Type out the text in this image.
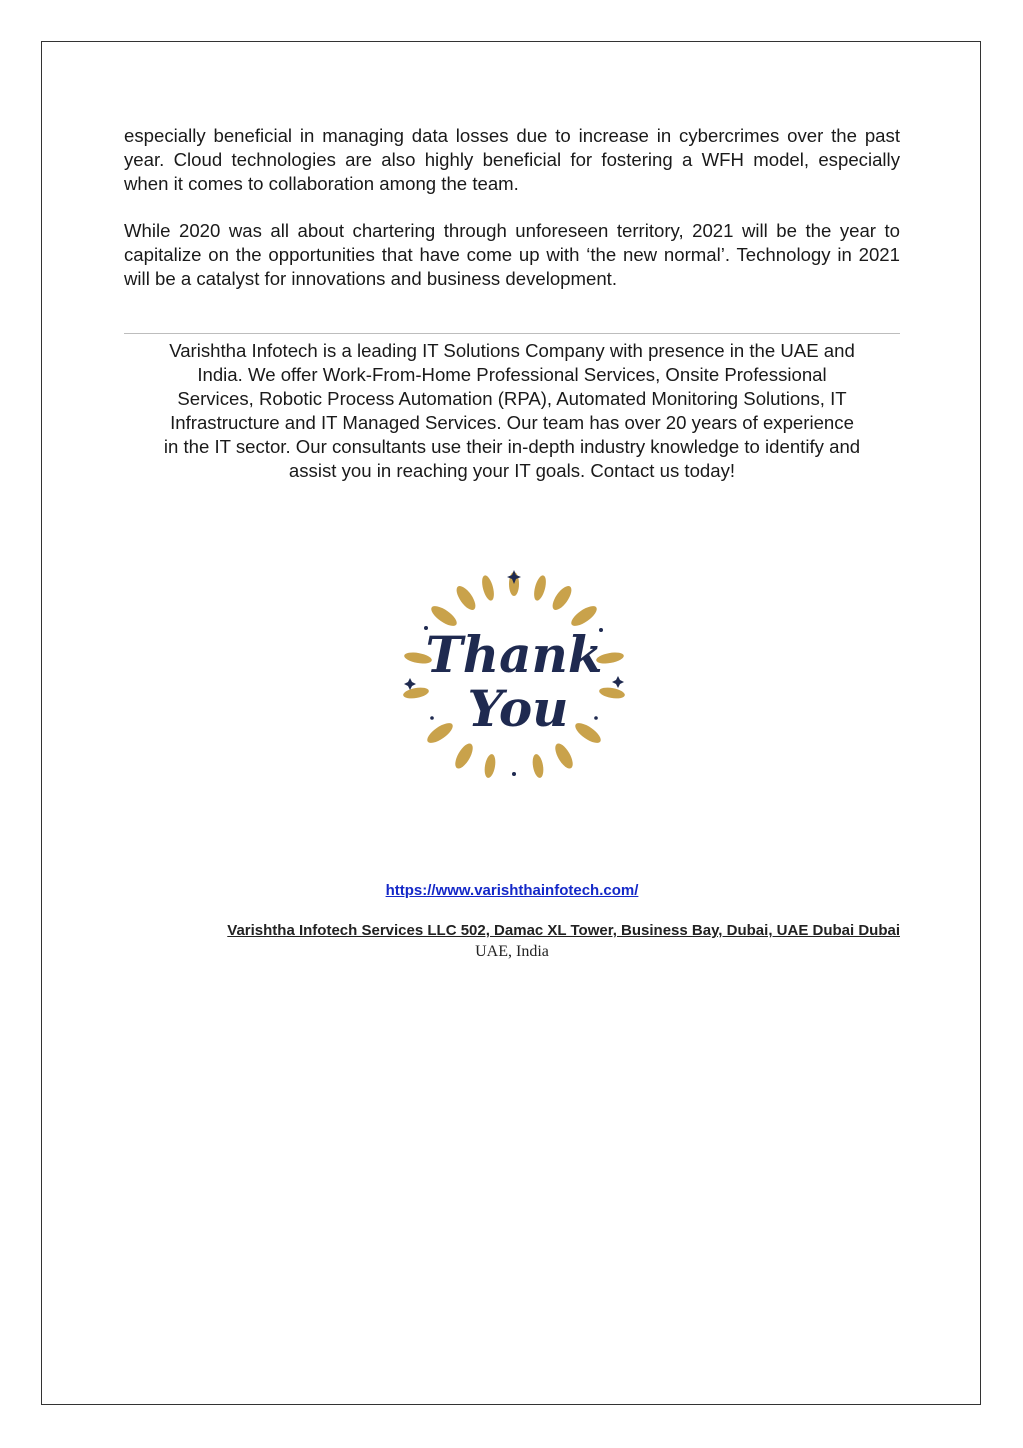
especially beneficial in managing data losses due to increase in cybercrimes over the past year. Cloud technologies are also highly beneficial for fostering a WFH model, especially when it comes to collaboration among the team.

While 2020 was all about chartering through unforeseen territory, 2021 will be the year to capitalize on the opportunities that have come up with ‘the new normal’. Technology in 2021 will be a catalyst for innovations and business development.

Varishtha Infotech is a leading IT Solutions Company with presence in the UAE and
India. We offer Work-From-Home Professional Services, Onsite Professional
Services, Robotic Process Automation (RPA), Automated Monitoring Solutions, IT
Infrastructure and IT Managed Services. Our team has over 20 years of experience
in the IT sector. Our consultants use their in-depth industry knowledge to identify and
assist you in reaching your IT goals. Contact us today!

Thank
You
https://www.varishthainfotech.com/
Varishtha Infotech Services LLC 502, Damac XL Tower, Business Bay, Dubai, UAE Dubai Dubai
UAE, India
